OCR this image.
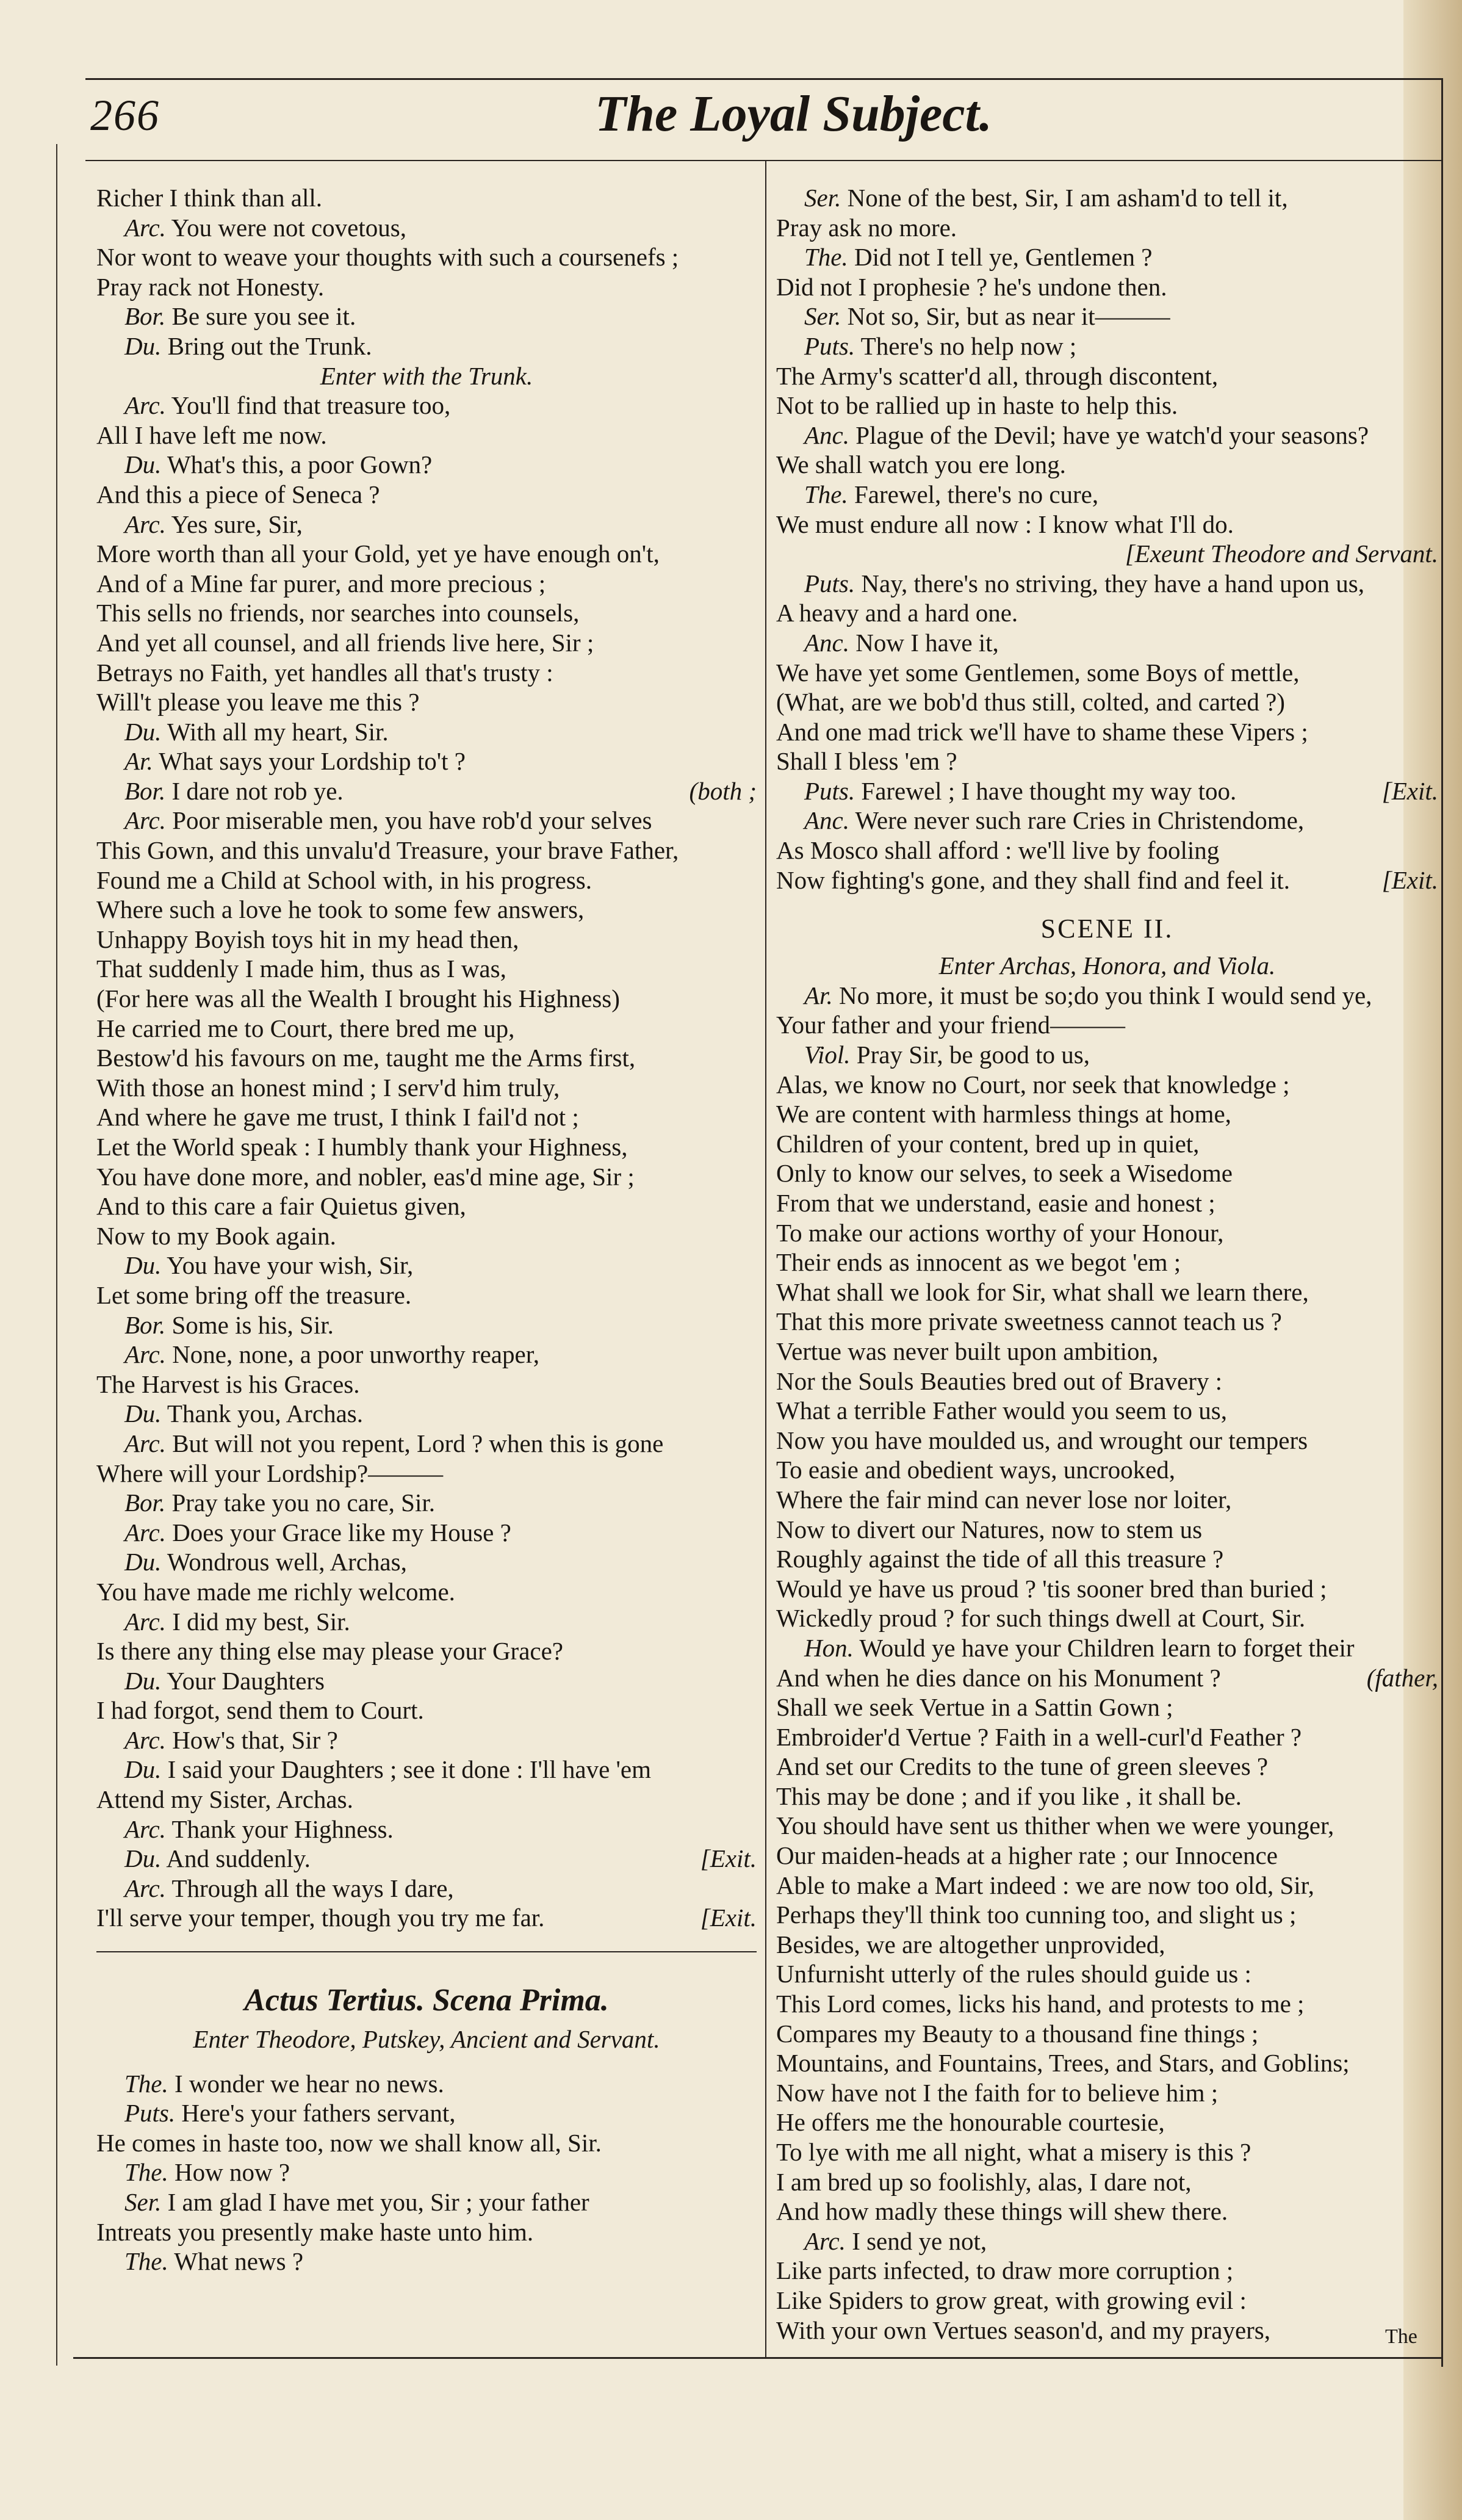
266	The Loyal Subject.
Richer I think than all.
Arc. You were not covetous,
Nor wont to weave your thoughts with such a coursenefs ;
Pray rack not Honesty.
Bor. Be sure you see it.
Du. Bring out the Trunk.
Enter with the Trunk.
Arc. You'll find that treasure too,
All I have left me now.
Du. What's this, a poor Gown?
And this a piece of Seneca ?
Arc. Yes sure, Sir,
More worth than all your Gold, yet ye have enough on't,
And of a Mine far purer, and more precious ;
This sells no friends, nor searches into counsels,
And yet all counsel, and all friends live here, Sir ;
Betrays no Faith, yet handles all that's trusty :
Will't please you leave me this ?
Du. With all my heart, Sir.
Ar. What says your Lordship to't ?
Bor. I dare not rob ye.	(both ;
Arc. Poor miserable men, you have rob'd your selves
This Gown, and this unvalu'd Treasure, your brave Father,
Found me a Child at School with, in his progress.
Where such a love he took to some few answers,
Unhappy Boyish toys hit in my head then,
That suddenly I made him, thus as I was,
(For here was all the Wealth I brought his Highness)
He carried me to Court, there bred me up,
Bestow'd his favours on me, taught me the Arms first,
With those an honest mind ; I serv'd him truly,
And where he gave me trust, I think I fail'd not ;
Let the World speak : I humbly thank your Highness,
You have done more, and nobler, eas'd mine age, Sir ;
And to this care a fair Quietus given,
Now to my Book again.
Du. You have your wish, Sir,
Let some bring off the treasure.
Bor. Some is his, Sir.
Arc. None, none, a poor unworthy reaper,
The Harvest is his Graces.
Du. Thank you, Archas.
Arc. But will not you repent, Lord ? when this is gone
Where will your Lordship?———
Bor. Pray take you no care, Sir.
Arc. Does your Grace like my House ?
Du. Wondrous well, Archas,
You have made me richly welcome.
Arc. I did my best, Sir.
Is there any thing else may please your Grace?
Du. Your Daughters
I had forgot, send them to Court.
Arc. How's that, Sir ?
Du. I said your Daughters ; see it done : I'll have 'em
Attend my Sister, Archas.
Arc. Thank your Highness.
Du. And suddenly.	[Exit.
Arc. Through all the ways I dare,
I'll serve your temper, though you try me far.	[Exit.
Actus Tertius. Scena Prima.
Enter Theodore, Putskey, Ancient and Servant.
The. I wonder we hear no news.
Puts. Here's your fathers servant,
He comes in haste too, now we shall know all, Sir.
The. How now ?
Ser. I am glad I have met you, Sir ; your father
Intreats you presently make haste unto him.
The. What news ?
Ser. None of the best, Sir, I am asham'd to tell it,
Pray ask no more.
The. Did not I tell ye, Gentlemen ?
Did not I prophesie ? he's undone then.
Ser. Not so, Sir, but as near it———
Puts. There's no help now ;
The Army's scatter'd all, through discontent,
Not to be rallied up in haste to help this.
Anc. Plague of the Devil; have ye watch'd your seasons?
We shall watch you ere long.
The. Farewel, there's no cure,
We must endure all now : I know what I'll do.
[Exeunt Theodore and Servant.
Puts. Nay, there's no striving, they have a hand upon us,
A heavy and a hard one.
Anc. Now I have it,
We have yet some Gentlemen, some Boys of mettle,
(What, are we bob'd thus still, colted, and carted ?)
And one mad trick we'll have to shame these Vipers ;
Shall I bless 'em ?
Puts. Farewel ; I have thought my way too.	[Exit.
Anc. Were never such rare Cries in Christendome,
As Mosco shall afford : we'll live by fooling
Now fighting's gone, and they shall find and feel it.	[Exit.
SCENE II.
Enter Archas, Honora, and Viola.
Ar. No more, it must be so;do you think I would send ye,
Your father and your friend———
Viol. Pray Sir, be good to us,
Alas, we know no Court, nor seek that knowledge ;
We are content with harmless things at home,
Children of your content, bred up in quiet,
Only to know our selves, to seek a Wisedome
From that we understand, easie and honest ;
To make our actions worthy of your Honour,
Their ends as innocent as we begot 'em ;
What shall we look for Sir, what shall we learn there,
That this more private sweetness cannot teach us ?
Vertue was never built upon ambition,
Nor the Souls Beauties bred out of Bravery :
What a terrible Father would you seem to us,
Now you have moulded us, and wrought our tempers
To easie and obedient ways, uncrooked,
Where the fair mind can never lose nor loiter,
Now to divert our Natures, now to stem us
Roughly against the tide of all this treasure ?
Would ye have us proud ? 'tis sooner bred than buried ;
Wickedly proud ? for such things dwell at Court, Sir.
Hon. Would ye have your Children learn to forget their
And when he dies dance on his Monument ?	(father,
Shall we seek Vertue in a Sattin Gown ;
Embroider'd Vertue ? Faith in a well-curl'd Feather ?
And set our Credits to the tune of green sleeves ?
This may be done ; and if you like , it shall be.
You should have sent us thither when we were younger,
Our maiden-heads at a higher rate ; our Innocence
Able to make a Mart indeed : we are now too old, Sir,
Perhaps they'll think too cunning too, and slight us ;
Besides, we are altogether unprovided,
Unfurnisht utterly of the rules should guide us :
This Lord comes, licks his hand, and protests to me ;
Compares my Beauty to a thousand fine things ;
Mountains, and Fountains, Trees, and Stars, and Goblins;
Now have not I the faith for to believe him ;
He offers me the honourable courtesie,
To lye with me all night, what a misery is this ?
I am bred up so foolishly, alas, I dare not,
And how madly these things will shew there.
Arc. I send ye not,
Like parts infected, to draw more corruption ;
Like Spiders to grow great, with growing evil :
With your own Vertues season'd, and my prayers,	The
